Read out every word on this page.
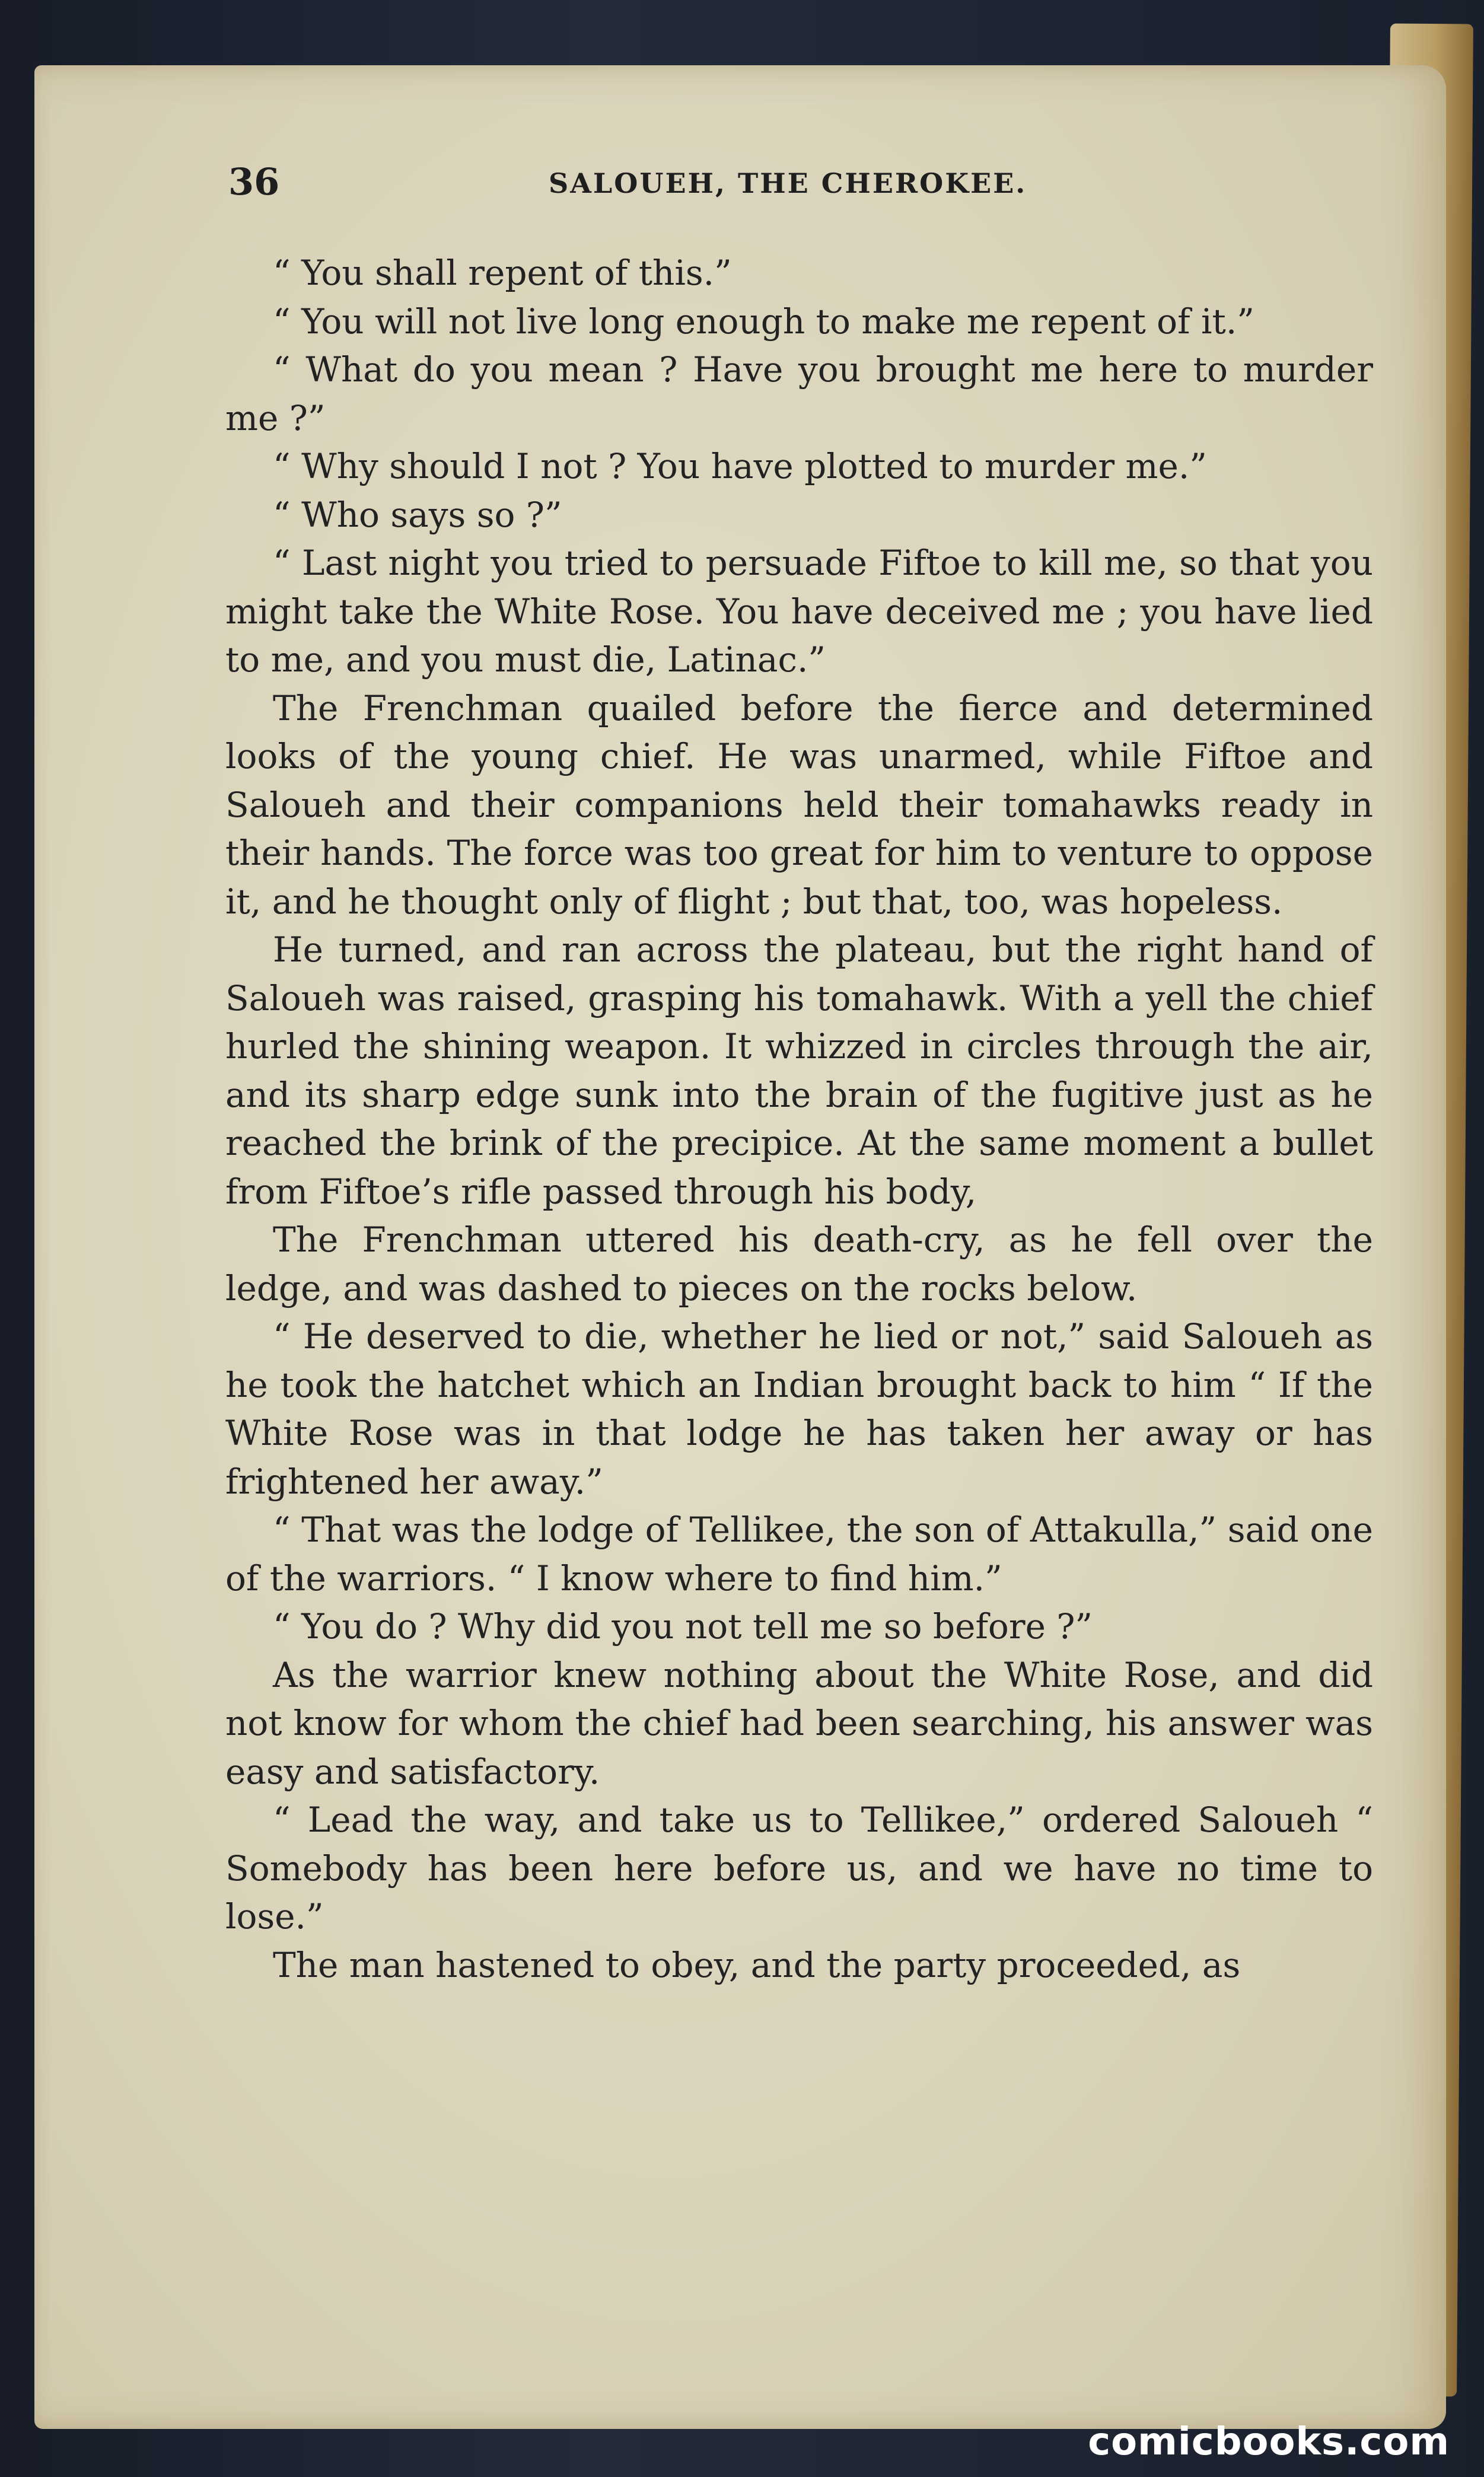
36	SALOUEH, THE CHEROKEE.

“ You shall repent of this.”

“ You will not live long enough to make me repent of it.”

“ What do you mean ? Have you brought me here to murder me ?”

“ Why should I not ? You have plotted to murder me.”

“ Who says so ?”

“ Last night you tried to persuade Fiftoe to kill me, so that you might take the White Rose. You have deceived me ; you have lied to me, and you must die, Latinac.”

The Frenchman quailed before the fierce and determined looks of the young chief. He was unarmed, while Fiftoe and Saloueh and their companions held their tomahawks ready in their hands. The force was too great for him to venture to oppose it, and he thought only of flight ; but that, too, was hopeless.

He turned, and ran across the plateau, but the right hand of Saloueh was raised, grasping his tomahawk. With a yell the chief hurled the shining weapon. It whizzed in circles through the air, and its sharp edge sunk into the brain of the fugitive just as he reached the brink of the precipice. At the same moment a bullet from Fiftoe’s rifle passed through his body,

The Frenchman uttered his death-cry, as he fell over the ledge, and was dashed to pieces on the rocks below.

“ He deserved to die, whether he lied or not,” said Saloueh as he took the hatchet which an Indian brought back to him “ If the White Rose was in that lodge he has taken her away or has frightened her away.”

“ That was the lodge of Tellikee, the son of Attakulla,” said one of the warriors. “ I know where to find him.”

“ You do ? Why did you not tell me so before ?”

As the warrior knew nothing about the White Rose, and did not know for whom the chief had been searching, his answer was easy and satisfactory.

“ Lead the way, and take us to Tellikee,” ordered Saloueh “ Somebody has been here before us, and we have no time to lose.”

The man hastened to obey, and the party proceeded, as

comicbooks.com
